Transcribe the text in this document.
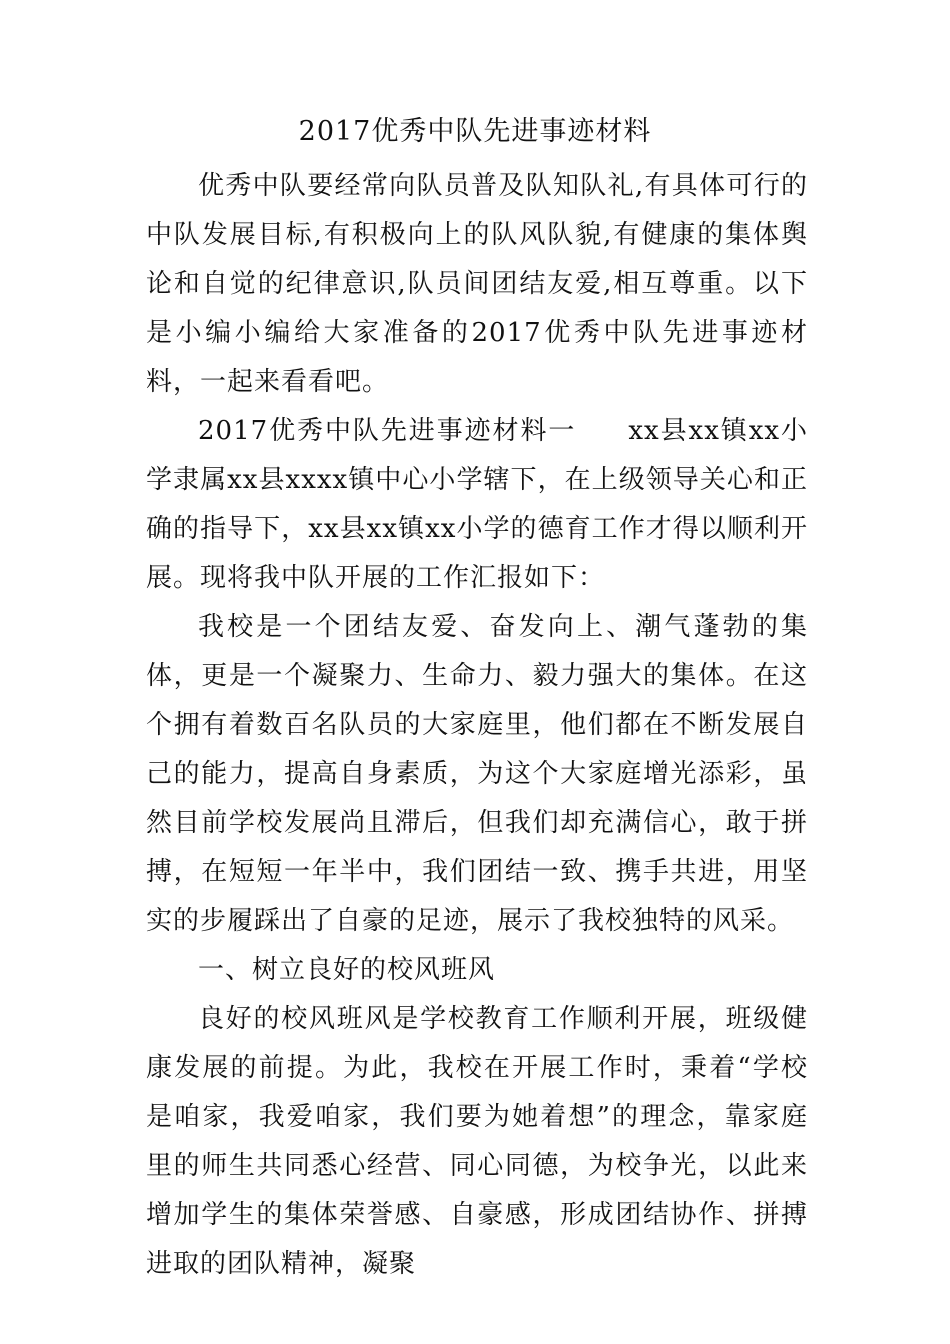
2017优秀中队先进事迹材料

优秀中队要经常向队员普及队知队礼,有具体可行的中队发展目标,有积极向上的队风队貌,有健康的集体舆论和自觉的纪律意识,队员间团结友爱,相互尊重。以下是小编小编给大家准备的2017优秀中队先进事迹材料，一起来看看吧。

2017优秀中队先进事迹材料一 xx县xx镇xx小学隶属xx县xxxx镇中心小学辖下，在上级领导关心和正确的指导下，xx县xx镇xx小学的德育工作才得以顺利开展。现将我中队开展的工作汇报如下：

我校是一个团结友爱、奋发向上、潮气蓬勃的集体，更是一个凝聚力、生命力、毅力强大的集体。在这个拥有着数百名队员的大家庭里，他们都在不断发展自己的能力，提高自身素质，为这个大家庭增光添彩，虽然目前学校发展尚且滞后，但我们却充满信心，敢于拼搏，在短短一年半中，我们团结一致、携手共进，用坚实的步履踩出了自豪的足迹，展示了我校独特的风采。

一、树立良好的校风班风

良好的校风班风是学校教育工作顺利开展，班级健康发展的前提。为此，我校在开展工作时，秉着“学校是咱家，我爱咱家，我们要为她着想”的理念，靠家庭里的师生共同悉心经营、同心同德，为校争光，以此来增加学生的集体荣誉感、自豪感，形成团结协作、拼搏进取的团队精神，凝聚
